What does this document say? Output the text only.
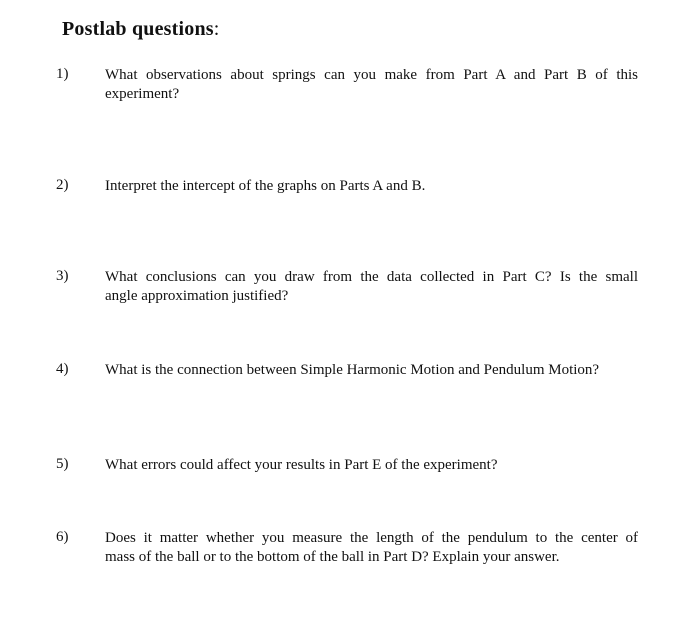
Postlab questions:
1) What observations about springs can you make from Part A and Part B of this
experiment?
2) Interpret the intercept of the graphs on Parts A and B.
3) What conclusions can you draw from the data collected in Part C? Is the small
angle approximation justified?
4) What is the connection between Simple Harmonic Motion and Pendulum Motion?
5) What errors could affect your results in Part E of the experiment?
6) Does it matter whether you measure the length of the pendulum to the center of
mass of the ball or to the bottom of the ball in Part D? Explain your answer.
